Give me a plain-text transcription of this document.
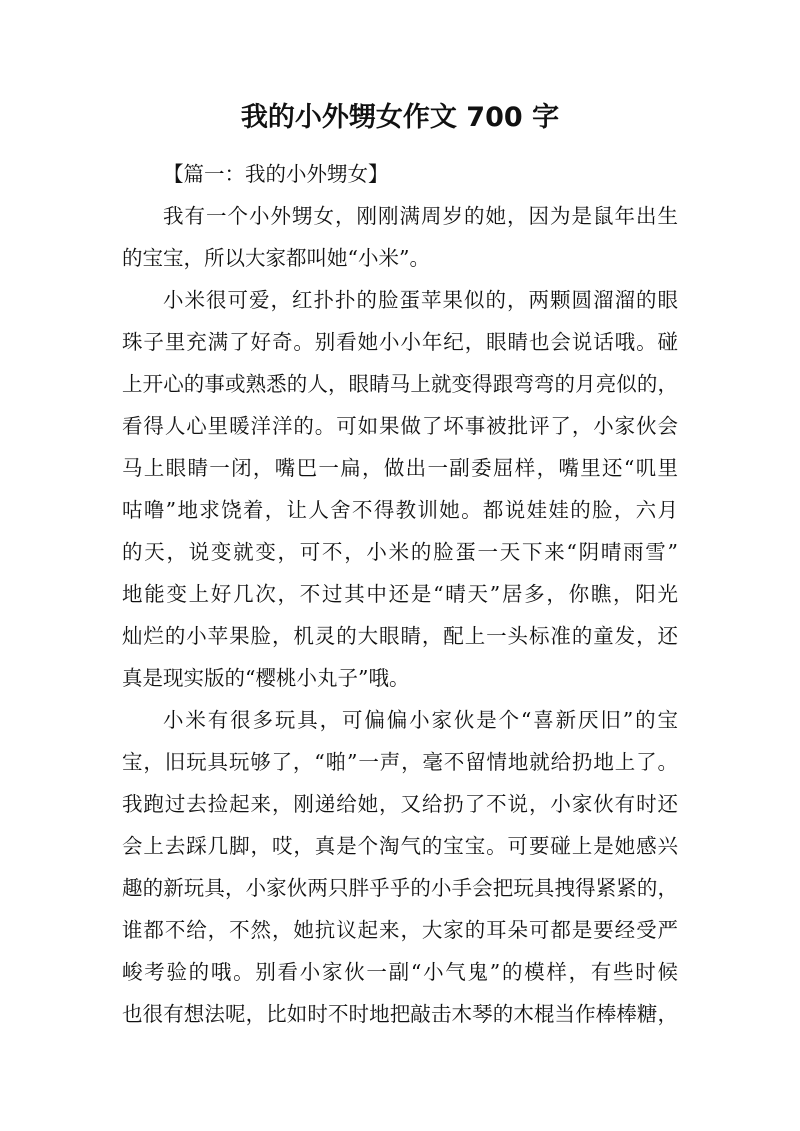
我的小外甥女作文 700 字

【篇一：我的小外甥女】

我有一个小外甥女，刚刚满周岁的她，因为是鼠年出生

的宝宝，所以大家都叫她“小米”。

小米很可爱，红扑扑的脸蛋苹果似的，两颗圆溜溜的眼

珠子里充满了好奇。别看她小小年纪，眼睛也会说话哦。碰

上开心的事或熟悉的人，眼睛马上就变得跟弯弯的月亮似的，

看得人心里暖洋洋的。可如果做了坏事被批评了，小家伙会

马上眼睛一闭，嘴巴一扁，做出一副委屈样，嘴里还“叽里

咕噜”地求饶着，让人舍不得教训她。都说娃娃的脸，六月

的天，说变就变，可不，小米的脸蛋一天下来“阴晴雨雪”

地能变上好几次，不过其中还是“晴天”居多，你瞧，阳光

灿烂的小苹果脸，机灵的大眼睛，配上一头标准的童发，还

真是现实版的“樱桃小丸子”哦。

小米有很多玩具，可偏偏小家伙是个“喜新厌旧”的宝

宝，旧玩具玩够了，“啪”一声，毫不留情地就给扔地上了。

我跑过去捡起来，刚递给她，又给扔了不说，小家伙有时还

会上去踩几脚，哎，真是个淘气的宝宝。可要碰上是她感兴

趣的新玩具，小家伙两只胖乎乎的小手会把玩具拽得紧紧的，

谁都不给，不然，她抗议起来，大家的耳朵可都是要经受严

峻考验的哦。别看小家伙一副“小气鬼”的模样，有些时候

也很有想法呢，比如时不时地把敲击木琴的木棍当作棒棒糖，
